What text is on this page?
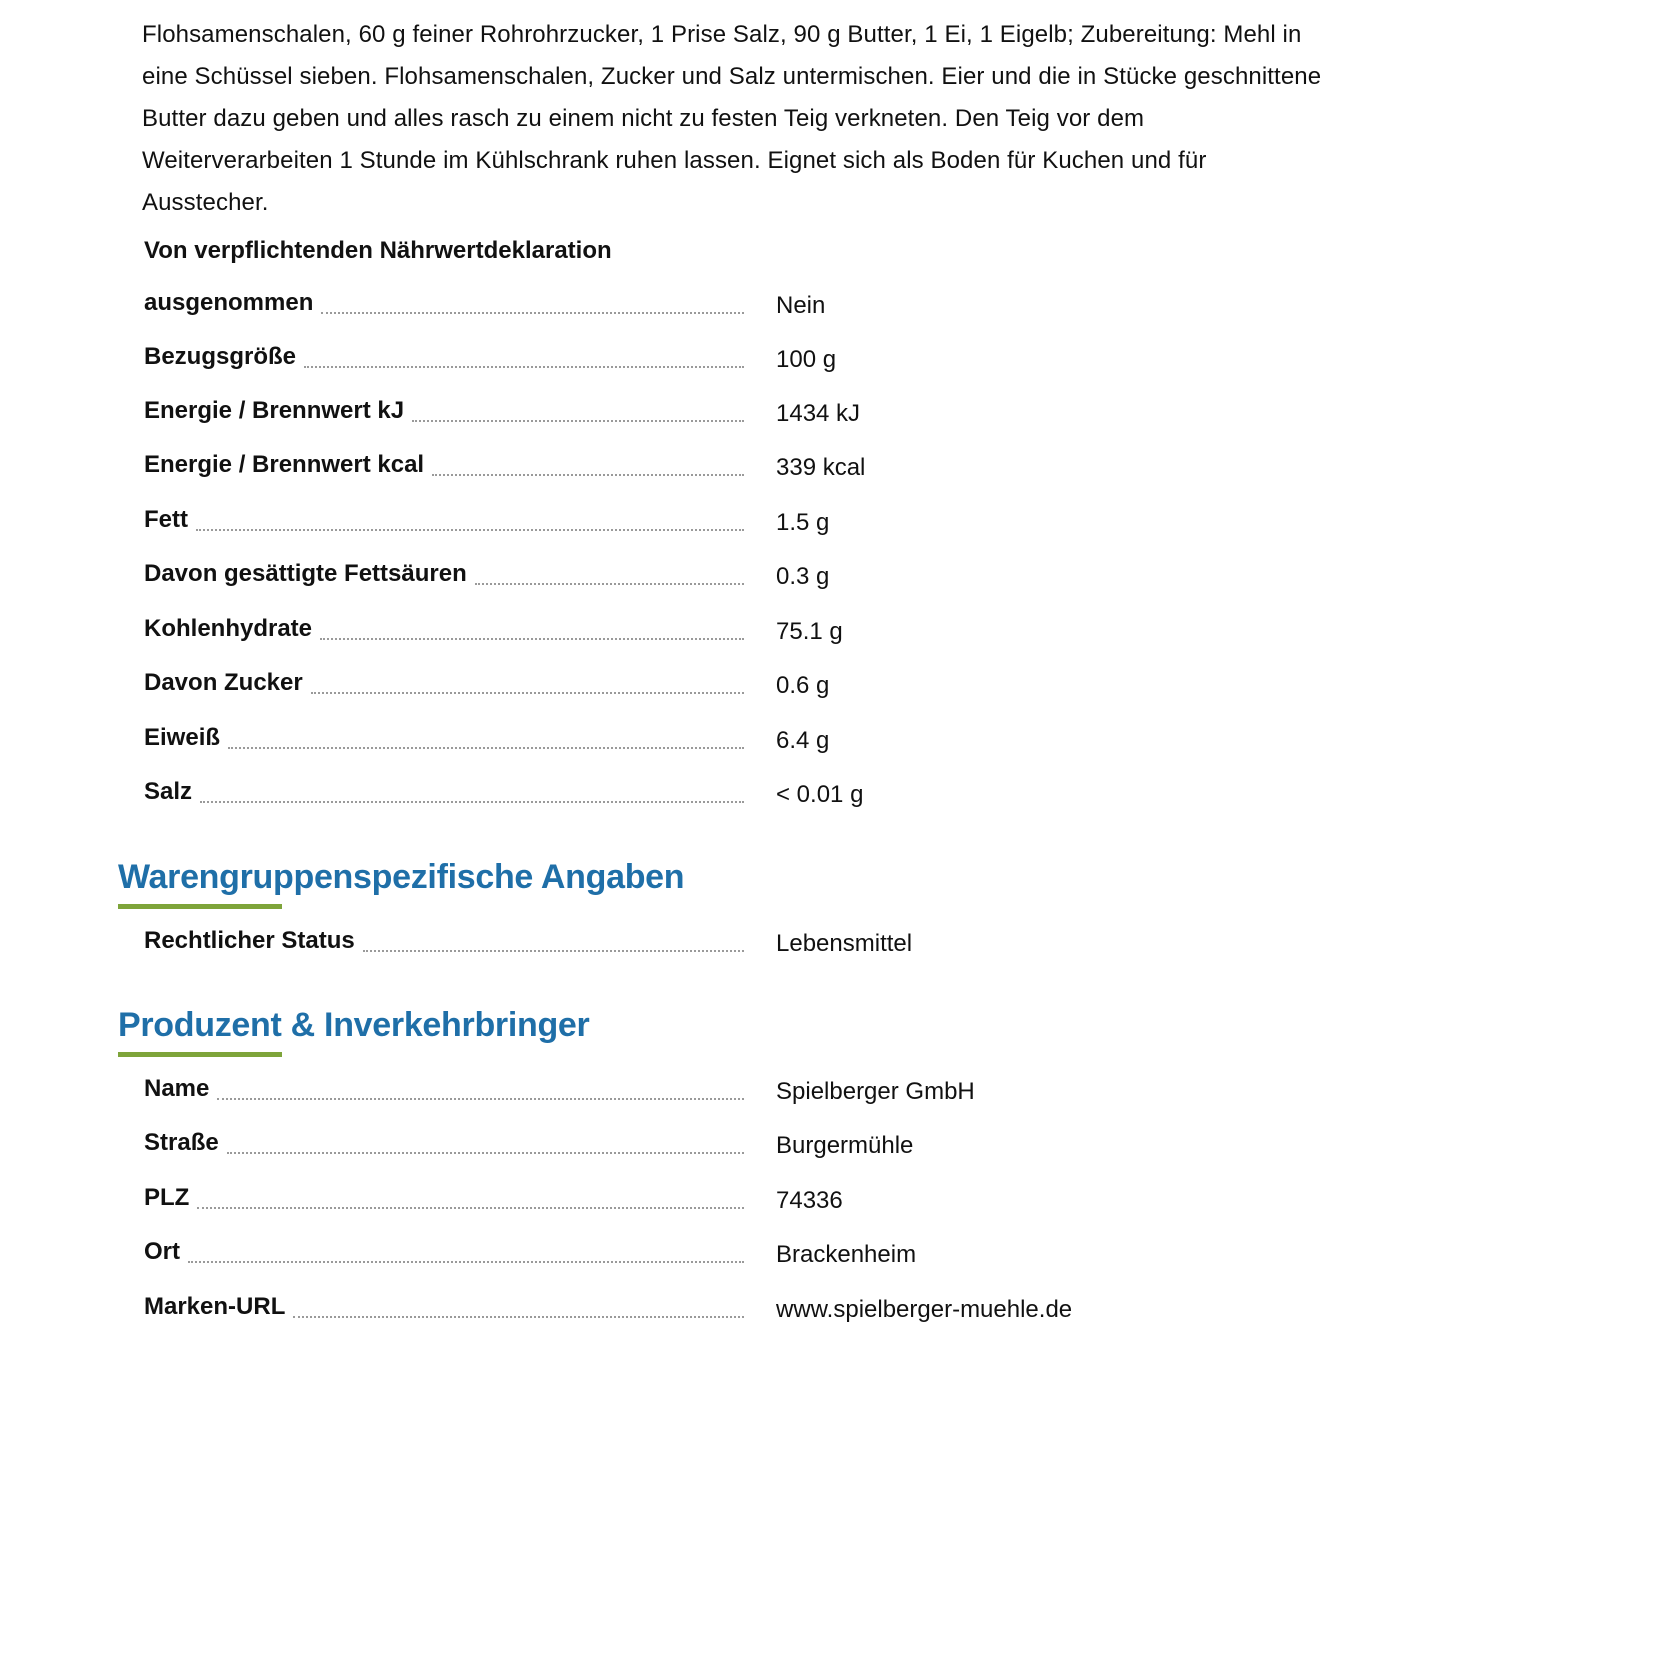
Flohsamenschalen, 60 g feiner Rohrohrzucker, 1 Prise Salz, 90 g Butter, 1 Ei, 1 Eigelb; Zubereitung: Mehl in
eine Schüssel sieben. Flohsamenschalen, Zucker und Salz untermischen. Eier und die in Stücke geschnittene
Butter dazu geben und alles rasch zu einem nicht zu festen Teig verkneten. Den Teig vor dem
Weiterverarbeiten 1 Stunde im Kühlschrank ruhen lassen. Eignet sich als Boden für Kuchen und für
Ausstecher.
Von verpflichtenden Nährwertdeklaration
ausgenommen	Nein
Bezugsgröße	100 g
Energie / Brennwert kJ	1434 kJ
Energie / Brennwert kcal	339 kcal
Fett	1.5 g
Davon gesättigte Fettsäuren	0.3 g
Kohlenhydrate	75.1 g
Davon Zucker	0.6 g
Eiweiß	6.4 g
Salz	< 0.01 g
Warengruppenspezifische Angaben
Rechtlicher Status	Lebensmittel
Produzent & Inverkehrbringer
Name	Spielberger GmbH
Straße	Burgermühle
PLZ	74336
Ort	Brackenheim
Marken-URL	www.spielberger-muehle.de
